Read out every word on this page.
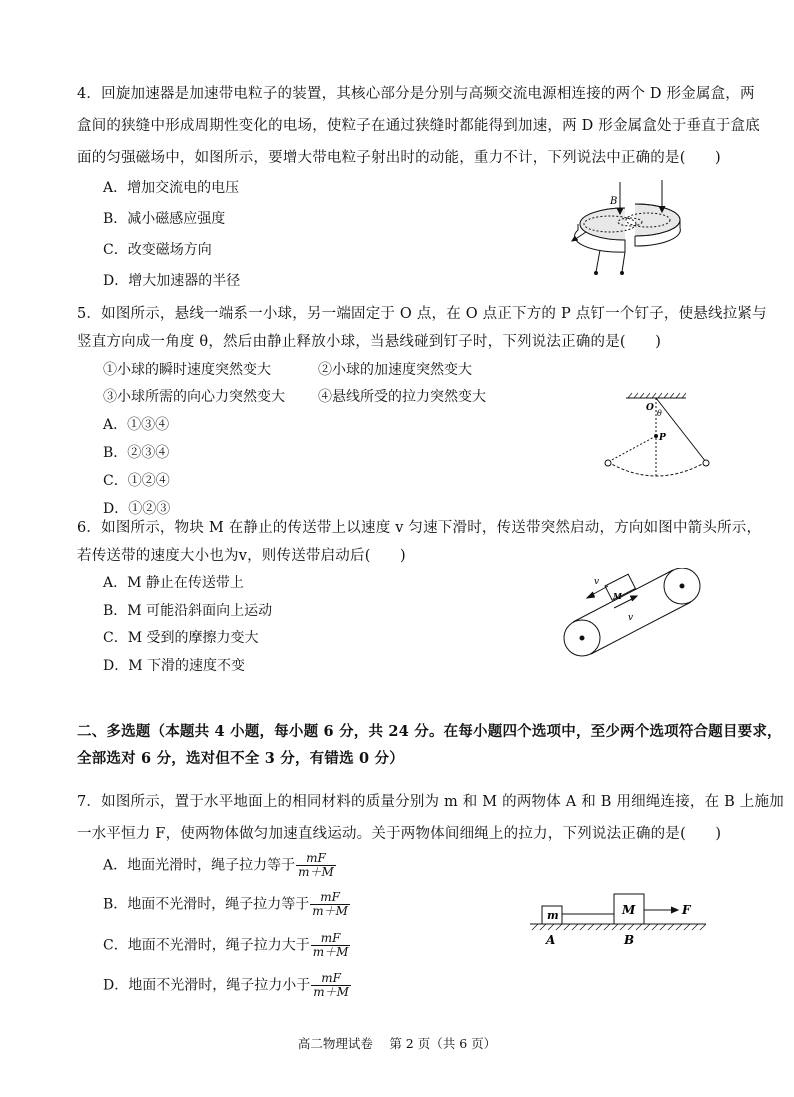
4．回旋加速器是加速带电粒子的装置，其核心部分是分别与高频交流电源相连接的两个 D 形金属盒，两
盒间的狭缝中形成周期性变化的电场，使粒子在通过狭缝时都能得到加速，两 D 形金属盒处于垂直于盒底
面的匀强磁场中，如图所示，要增大带电粒子射出时的动能，重力不计，下列说法中正确的是(　　)
A．增加交流电的电压
B．减小磁感应强度
C．改变磁场方向
D．增大加速器的半径
B
5．如图所示，悬线一端系一小球，另一端固定于 O 点，在 O 点正下方的 P 点钉一个钉子，使悬线拉紧与
竖直方向成一角度 θ，然后由静止释放小球，当悬线碰到钉子时，下列说法正确的是(　　)
①小球的瞬时速度突然变大	②小球的加速度突然变大
③小球所需的向心力突然变大 ④悬线所受的拉力突然变大
A．①③④
B．②③④
C．①②④
D．①②③
O
θ
P
6．如图所示，物块 M 在静止的传送带上以速度 v 匀速下滑时，传送带突然启动，方向如图中箭头所示，
若传送带的速度大小也为v，则传送带启动后(　　)
A．M 静止在传送带上
B．M 可能沿斜面向上运动
C．M 受到的摩擦力变大
D．M 下滑的速度不变
v
M
v
二、多选题（本题共 4 小题，每小题 6 分，共 24 分。在每小题四个选项中，至少两个选项符合题目要求，
全部选对 6 分，选对但不全 3 分，有错选 0 分）
7．如图所示，置于水平地面上的相同材料的质量分别为 m 和 M 的两物体 A 和 B 用细绳连接，在 B 上施加
一水平恒力 F，使两物体做匀加速直线运动。关于两物体间细绳上的拉力，下列说法正确的是(　　)
A．地面光滑时，绳子拉力等于 $\frac{mF}{m+M}$
B．地面不光滑时，绳子拉力等于 $\frac{mF}{m+M}$
C．地面不光滑时，绳子拉力大于 $\frac{mF}{m+M}$
D．地面不光滑时，绳子拉力小于 $\frac{mF}{m+M}$
m	M	F
A	B
高二物理试卷　 第 2 页（共 6 页）
